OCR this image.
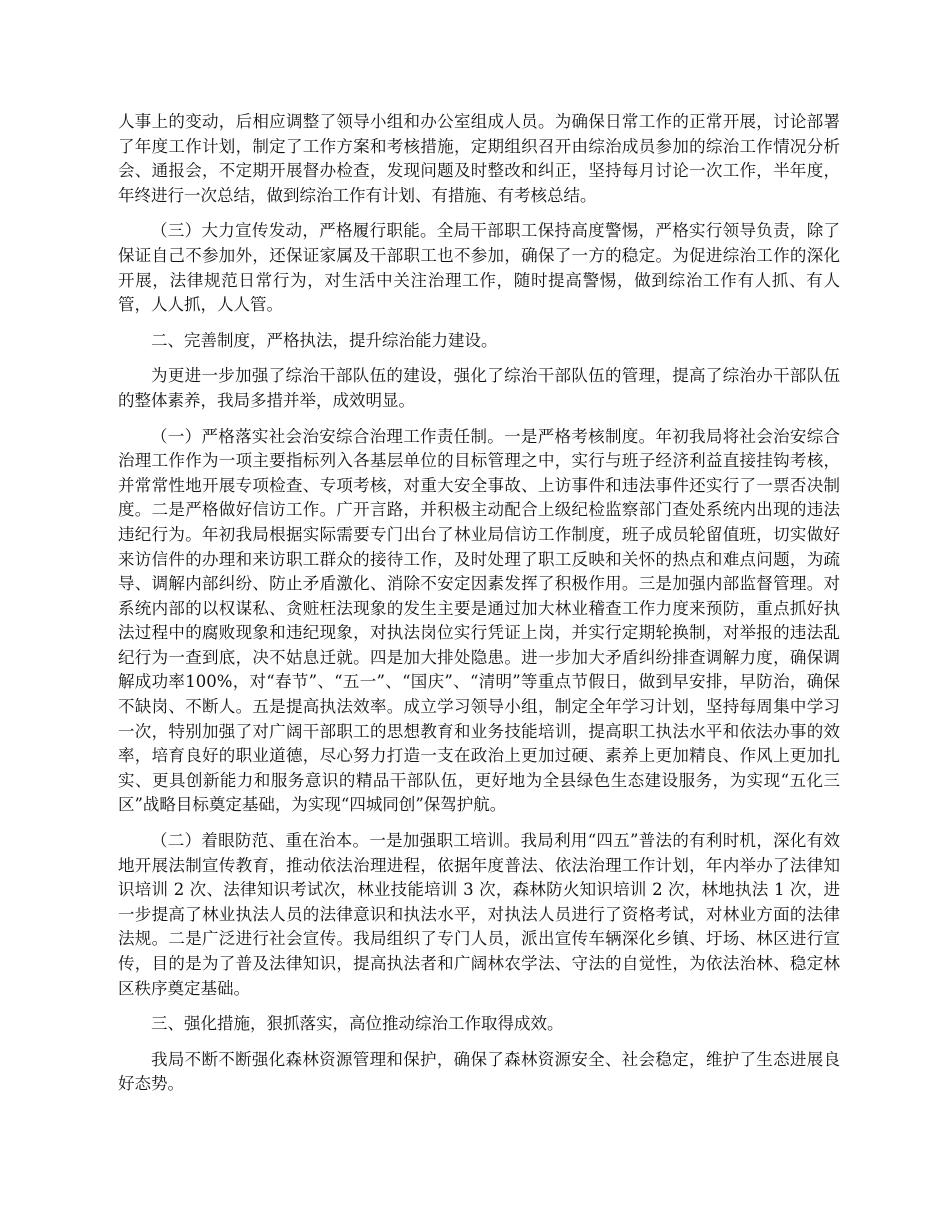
人事上的变动，后相应调整了领导小组和办公室组成人员。为确保日常工作的正常开展，讨论部署了年度工作计划，制定了工作方案和考核措施，定期组织召开由综治成员参加的综治工作情况分析会、通报会，不定期开展督办检查，发现问题及时整改和纠正，坚持每月讨论一次工作，半年度，年终进行一次总结，做到综治工作有计划、有措施、有考核总结。

（三）大力宣传发动，严格履行职能。全局干部职工保持高度警惕，严格实行领导负责，除了保证自己不参加外，还保证家属及干部职工也不参加，确保了一方的稳定。为促进综治工作的深化开展，法律规范日常行为，对生活中关注治理工作，随时提高警惕，做到综治工作有人抓、有人管，人人抓，人人管。

二、完善制度，严格执法，提升综治能力建设。

为更进一步加强了综治干部队伍的建设，强化了综治干部队伍的管理，提高了综治办干部队伍的整体素养，我局多措并举，成效明显。

（一）严格落实社会治安综合治理工作责任制。一是严格考核制度。年初我局将社会治安综合治理工作作为一项主要指标列入各基层单位的目标管理之中，实行与班子经济利益直接挂钩考核，并常常性地开展专项检查、专项考核，对重大安全事故、上访事件和违法事件还实行了一票否决制度。二是严格做好信访工作。广开言路，并积极主动配合上级纪检监察部门查处系统内出现的违法违纪行为。年初我局根据实际需要专门出台了林业局信访工作制度，班子成员轮留值班，切实做好来访信件的办理和来访职工群众的接待工作，及时处理了职工反映和关怀的热点和难点问题，为疏导、调解内部纠纷、防止矛盾激化、消除不安定因素发挥了积极作用。三是加强内部监督管理。对系统内部的以权谋私、贪赃枉法现象的发生主要是通过加大林业稽查工作力度来预防，重点抓好执法过程中的腐败现象和违纪现象，对执法岗位实行凭证上岗，并实行定期轮换制，对举报的违法乱纪行为一查到底，决不姑息迁就。四是加大排处隐患。进一步加大矛盾纠纷排查调解力度，确保调解成功率100%，对“春节”、“五一”、“国庆”、“清明”等重点节假日，做到早安排，早防治，确保不缺岗、不断人。五是提高执法效率。成立学习领导小组，制定全年学习计划，坚持每周集中学习一次，特别加强了对广阔干部职工的思想教育和业务技能培训，提高职工执法水平和依法办事的效率，培育良好的职业道德，尽心努力打造一支在政治上更加过硬、素养上更加精良、作风上更加扎实、更具创新能力和服务意识的精品干部队伍，更好地为全县绿色生态建设服务，为实现“五化三区”战略目标奠定基础，为实现“四城同创”保驾护航。

（二）着眼防范、重在治本。一是加强职工培训。我局利用“四五”普法的有利时机，深化有效地开展法制宣传教育，推动依法治理进程，依据年度普法、依法治理工作计划，年内举办了法律知识培训 2 次、法律知识考试次，林业技能培训 3 次，森林防火知识培训 2 次，林地执法 1 次，进一步提高了林业执法人员的法律意识和执法水平，对执法人员进行了资格考试，对林业方面的法律法规。二是广泛进行社会宣传。我局组织了专门人员，派出宣传车辆深化乡镇、圩场、林区进行宣传，目的是为了普及法律知识，提高执法者和广阔林农学法、守法的自觉性，为依法治林、稳定林区秩序奠定基础。

三、强化措施，狠抓落实，高位推动综治工作取得成效。

我局不断不断强化森林资源管理和保护，确保了森林资源安全、社会稳定，维护了生态进展良好态势。
